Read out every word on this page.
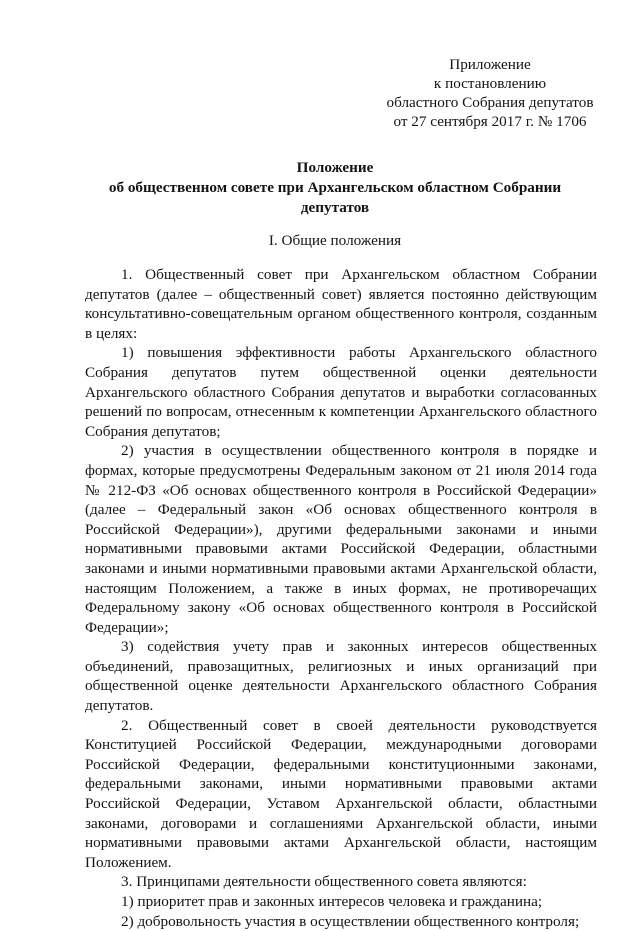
Приложение
к постановлению
областного Собрания депутатов
от 27 сентября 2017 г. № 1706
Положение
об общественном совете при Архангельском областном Собрании
депутатов
I. Общие положения

1. Общественный совет при Архангельском областном Собрании депутатов (далее – общественный совет) является постоянно действующим консультативно-совещательным органом общественного контроля, созданным в целях:

1) повышения эффективности работы Архангельского областного Собрания депутатов путем общественной оценки деятельности Архангельского областного Собрания депутатов и выработки согласованных решений по вопросам, отнесенным к компетенции Архангельского областного Собрания депутатов;

2) участия в осуществлении общественного контроля в порядке и формах, которые предусмотрены Федеральным законом от 21 июля 2014 года № 212-ФЗ «Об основах общественного контроля в Российской Федерации» (далее – Федеральный закон «Об основах общественного контроля в Российской Федерации»), другими федеральными законами и иными нормативными правовыми актами Российской Федерации, областными законами и иными нормативными правовыми актами Архангельской области, настоящим Положением, а также в иных формах, не противоречащих Федеральному закону «Об основах общественного контроля в Российской Федерации»;

3) содействия учету прав и законных интересов общественных объединений, правозащитных, религиозных и иных организаций при общественной оценке деятельности Архангельского областного Собрания депутатов.

2. Общественный совет в своей деятельности руководствуется Конституцией Российской Федерации, международными договорами Российской Федерации, федеральными конституционными законами, федеральными законами, иными нормативными правовыми актами Российской Федерации, Уставом Архангельской области, областными законами, договорами и соглашениями Архангельской области, иными нормативными правовыми актами Архангельской области, настоящим Положением.

3. Принципами деятельности общественного совета являются:

1) приоритет прав и законных интересов человека и гражданина;

2) добровольность участия в осуществлении общественного контроля;
